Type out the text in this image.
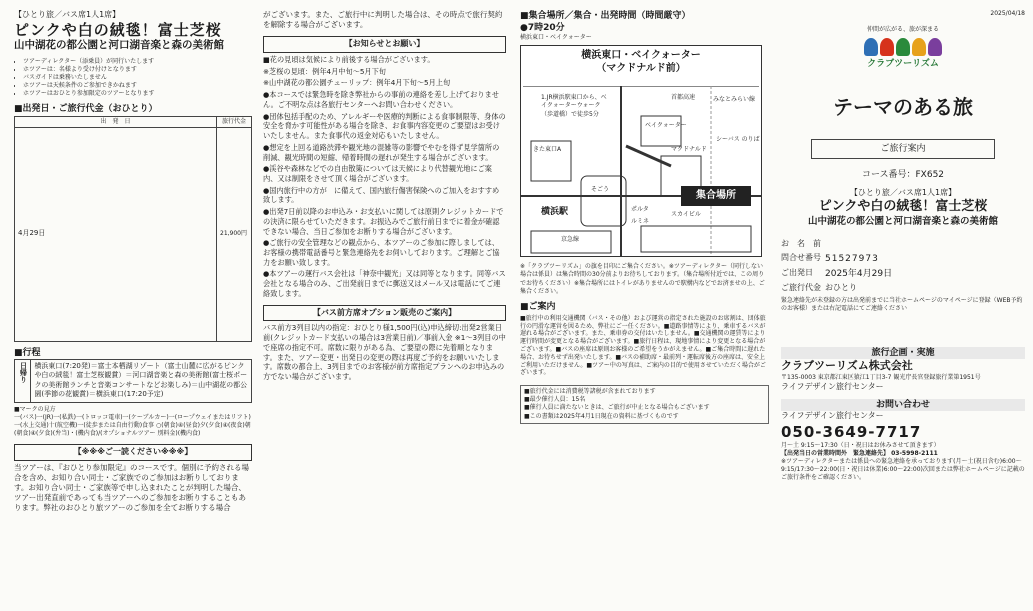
【ひとり旅／バス席1人1席】
ピンクや白の絨毯！富士芝桜
山中湖花の都公園と河口湖音楽と森の美術館
• ツアーディレクター（添乗員）が同行いたします
• ホツアーは：名様より受け付けとなります
• バスガイドは乗務いたしません
• ホツアーは天候条件のご参加できかねます
• ホツアーはおひとり参加限定のツアーとなります
■出発日・ご旅行代金（おひとり）
出　発　日	旅行代金
4月29日	21,900円
■行程
日帰り	横浜東口(7:20発)＝富士本栖湖リゾート（富士山麓に広がるピンクや白の絨毯！富士芝桜観賞）＝河口湖音楽と森の美術館(富士桜ポークの美術館ランチと音楽コンサートなどお楽しみ)＝山中湖花の都公園(季節の花観賞)＝横浜東口(17:20予定)
■マークの見方
一(バス)一(JR)一(私鉄)一(トロッコ電車)一(ケーブルカー)一(ロープウェイまたはリフト)一(水上交通)十(航空機)一(徒歩または自由行動)食事 ○(朝食)④(昼食)夕(夕食)④(夜食)朝(朝食)④(夕食)(弁当)・(機内食)/(オプショナルツアー 別料金)(機内食)
【※※※ご一読ください※※※】

当ツアーは、『おひとり参加限定』のコースです。個別に予約される場合を含め、お知り合い同士・ご家族でのご参加はお断りしております。お知り合い同士・ご家族等で申し込まれたことが判明した場合、ツアー出発直前であっても当ツアーへのご参加をお断りすることもあります。弊社のおひとり旅ツアーのご参加を全てお断りする場合

がございます。また、ご旅行中に判明した場合は、その時点で旅行契約を解除する場合がございます。

【お知らせとお願い】

■花の見頃は気候により前後する場合がございます。

※芝桜の見頃：例年4月中旬〜5月下旬

※山中湖花の都公園チューリップ：例年4月下旬〜5月上旬

●本コースでは緊急時を除き弊社からの事前の連絡を差し上げておりません。ご不明な点は各旅行センターへお問い合わせください。

●団体包括手配のため、アレルギーや医療的判断による食事制限等、身体の安全を脅かす可能性がある場合を除き、お食事内容変更のご要望はお受けいたしません。また食事代の返金対応もいたしません。

●想定を上回る道路渋滞や観光地の混雑等の影響でやむを得ず見学箇所の削減、観光時間の短縮、帰着時間の遅れが発生する場合がございます。

●渓谷や森林などでの自由散策については天候により代替観光地にご案内、又は制限をさせて頂く場合がございます。

●国内旅行中の方が　に備えて、国内旅行傷害保険へのご加入をおすすめ致します。

●出発7日前以降のお申込み・お支払いに関しては原則クレジットカードでの決済に限らせていただきます。お振込みでご旅行前日までに着金が確認できない場合、当日ご参加をお断りする場合がございます。

●ご旅行の安全管理などの観点から、本ツアーのご参加に際しましては、お客様の携帯電話番号と緊急連絡先をお伺いしております。ご理解とご協力をお願い致します。

●本ツアーの運行バス会社は「神奈中観光」又は同等となります。同等バス会社となる場合のみ、ご出発前日までに郵送又はメール又は電話にてご連絡致します。

【バス前方席オプション販売のご案内】

バス前方3列目以内の指定：おひとり様1,500円(込)申込締切:出発2営業日前(クレジットカード支払いの場合は3営業日前)／事前入金 ※1〜3列目の中で座席の指定不可。席数に限りがある為、ご要望の際に先着順となります。また、ツアー変更・出発日の変更の際は再度ご予約をお願いいたします。席数の都合上、3列目までのお客様が前方席指定プランへのお申込みの方でない場合がございます。

■集合場所／集合・出発時間（時間厳守）
●7時20分
横浜東口・ベイクォーター
横浜東口・ベイクォーター
（マクドナルド前）
ベイクォーター
マクドナルド
横浜駅
そごう
きた東口A
ポルタ
ルミネ
首都高速
シーバス のりば
スカイビル
みなとみらい線
京急線
1.JR横浜駅東口から、ベイクォーターウォーク（歩道橋）で徒歩5分
集合場所

※「クラブツーリズム」の旗を目印にご集合ください。※ツアーディレクター（同行しない場合は係員）は集合時間の30分前よりお待ちしております。（集合場所付近では、この周りでお待ちください）※集合場所にはトイレがありませんので駅構内などでお済ませの上、ご集合ください。

■ご案内

■旅行中の利用交通機関（バス・その他）および運営の指定された施設のお席割は、団体旅行の円滑な運営を図るため、弊社にご一任ください。■道路事情等により、乗車するバスが遅れる場合がございます。また、乗車券の交付はいたしません。■交通機関の運賃等により運行時間が変更となる場合がございます。■旅行日程は、現地事情により変更となる場合がございます。■バスの座席は原則お客様のご希望をうかがえません。■ご集合時間に遅れた場合、お待ちせず出発いたします。■バスの補助席・最前列・運転席後方の座席は、安全上ご利用いただけません。■ツアー中の写真は、ご案内の目的で使用させていただく場合がございます。

■旅行代金には消費税等諸税が含まれております
■最少催行人員：15名
■催行人員に満たないときは、ご旅行が中止となる場合もございます
■この書類は2025年4月1日現在の資料に基づくものです
2025/04/18
仲間が広がる、旅が深まる
クラブツーリズム
テーマのある旅
ご旅行案内
コース番号：FX652
【ひとり旅／バス席1人1席】
ピンクや白の絨毯！富士芝桜
山中湖花の都公園と河口湖音楽と森の美術館
お　名　前
問合せ番号 51527973
ご出発日	2025年4月29日
ご旅行代金 おひとり

緊急連絡先が未登録の方は出発前までに当社ホームページのマイページに登録（WEB予約のお客様）または右記電話にてご連絡ください

旅行企画・実施
クラブツーリズム株式会社
〒135-0003 東京都江東区猿江1丁目3-7 観光庁長官登録旅行業第1951号
ライフデザイン旅行センター
お問い合わせ
ライフデザイン旅行センター
050-3649-7717
月〜土 9:15〜17:30（日・祝日はお休みさせて頂きます）
【出発当日の営業時間外　緊急連絡先】 03-5998-2111
※ツアーディレクターまたは係員への緊急連絡を承っております(月〜土(祝日含む)6:00〜9:15/17:30〜22:00(日・祝日は休業)6:00〜22:00)次回または弊社ホームページに記載のご旅行条件をご確認ください。
